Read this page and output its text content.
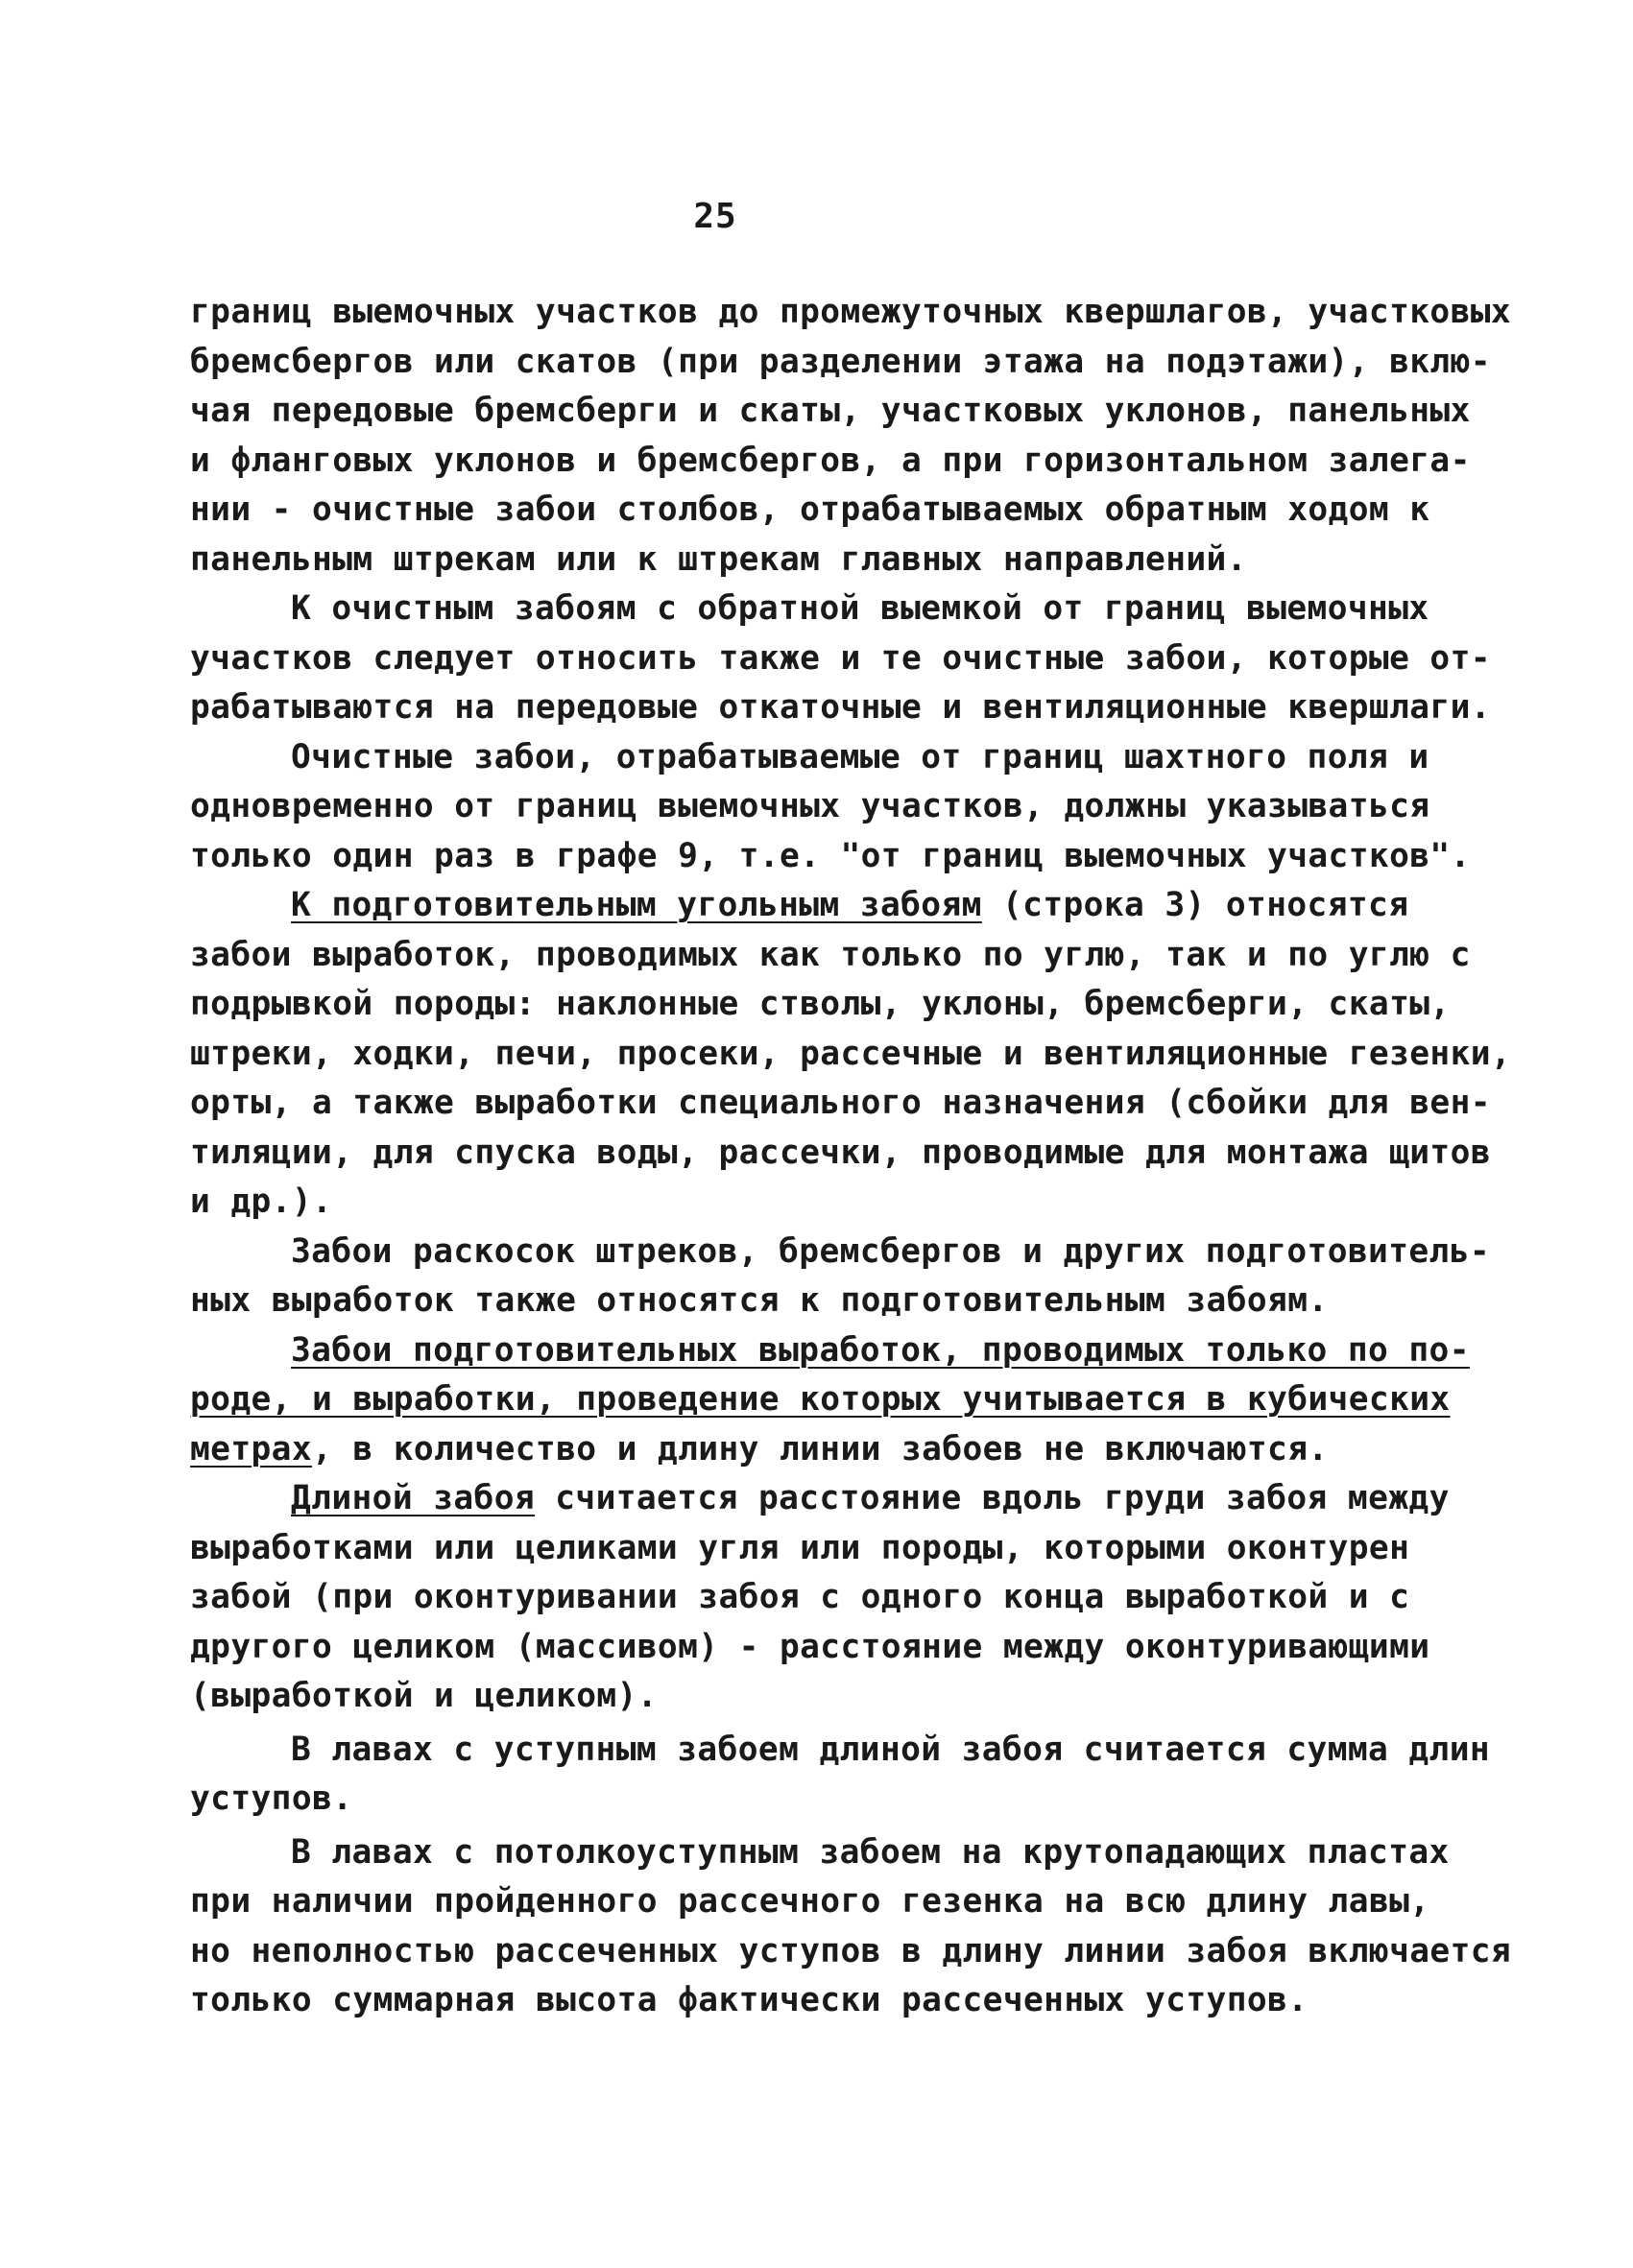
25
границ выемочных участков до промежуточных квершлагов, участковых
бремсбергов или скатов (при разделении этажа на подэтажи), вклю-
чая передовые бремсберги и скаты, участковых уклонов, панельных
и фланговых уклонов и бремсбергов, а при горизонтальном залега-
нии - очистные забои столбов, отрабатываемых обратным ходом к
панельным штрекам или к штрекам главных направлений.
К очистным забоям с обратной выемкой от границ выемочных
участков следует относить также и те очистные забои, которые от-
рабатываются на передовые откаточные и вентиляционные квершлаги.
Очистные забои, отрабатываемые от границ шахтного поля и
одновременно от границ выемочных участков, должны указываться
только один раз в графе 9, т.е. "от границ выемочных участков".
К подготовительным угольным забоям (строка 3) относятся
забои выработок, проводимых как только по углю, так и по углю с
подрывкой породы: наклонные стволы, уклоны, бремсберги, скаты,
штреки, ходки, печи, просеки, рассечные и вентиляционные гезенки,
орты, а также выработки специального назначения (сбойки для вен-
тиляции, для спуска воды, рассечки, проводимые для монтажа щитов
и др.).
Забои раскосок штреков, бремсбергов и других подготовитель-
ных выработок также относятся к подготовительным забоям.
Забои подготовительных выработок, проводимых только по по-
роде, и выработки, проведение которых учитывается в кубических
метрах, в количество и длину линии забоев не включаются.
Длиной забоя считается расстояние вдоль груди забоя между
выработками или целиками угля или породы, которыми оконтурен
забой (при оконтуривании забоя с одного конца выработкой и с
другого целиком (массивом) - расстояние между оконтуривающими
(выработкой и целиком).
В лавах с уступным забоем длиной забоя считается сумма длин
уступов.
В лавах с потолкоуступным забоем на крутопадающих пластах
при наличии пройденного рассечного гезенка на всю длину лавы,
но неполностью рассеченных уступов в длину линии забоя включается
только суммарная высота фактически рассеченных уступов.
